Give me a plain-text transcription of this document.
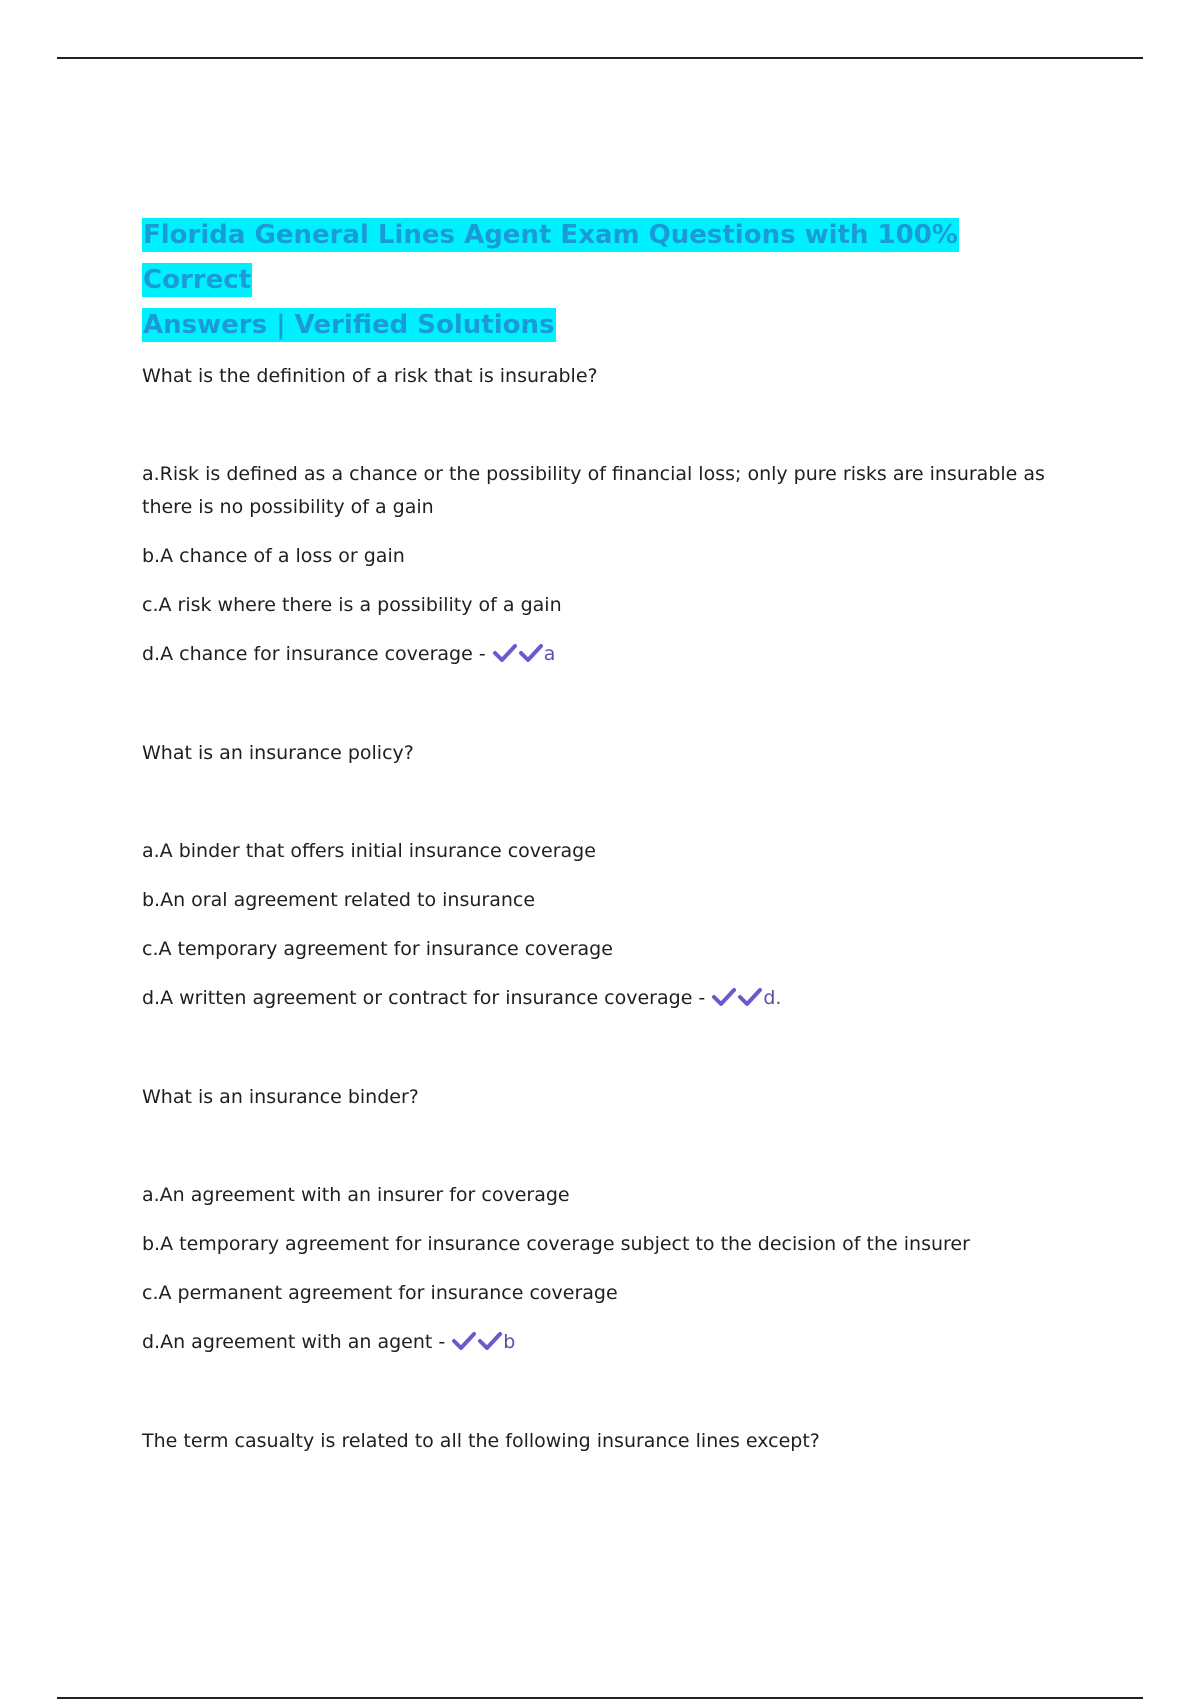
Florida General Lines Agent Exam Questions with 100% Correct
Answers | Verified Solutions
What is the definition of a risk that is insurable?
a.Risk is defined as a chance or the possibility of financial loss; only pure risks are insurable as there is no possibility of a gain
b.A chance of a loss or gain
c.A risk where there is a possibility of a gain
d.A chance for insurance coverage -	a
What is an insurance policy?
a.A binder that offers initial insurance coverage
b.An oral agreement related to insurance
c.A temporary agreement for insurance coverage
d.A written agreement or contract for insurance coverage -	d.
What is an insurance binder?
a.An agreement with an insurer for coverage
b.A temporary agreement for insurance coverage subject to the decision of the insurer
c.A permanent agreement for insurance coverage
d.An agreement with an agent -	b
The term casualty is related to all the following insurance lines except?
